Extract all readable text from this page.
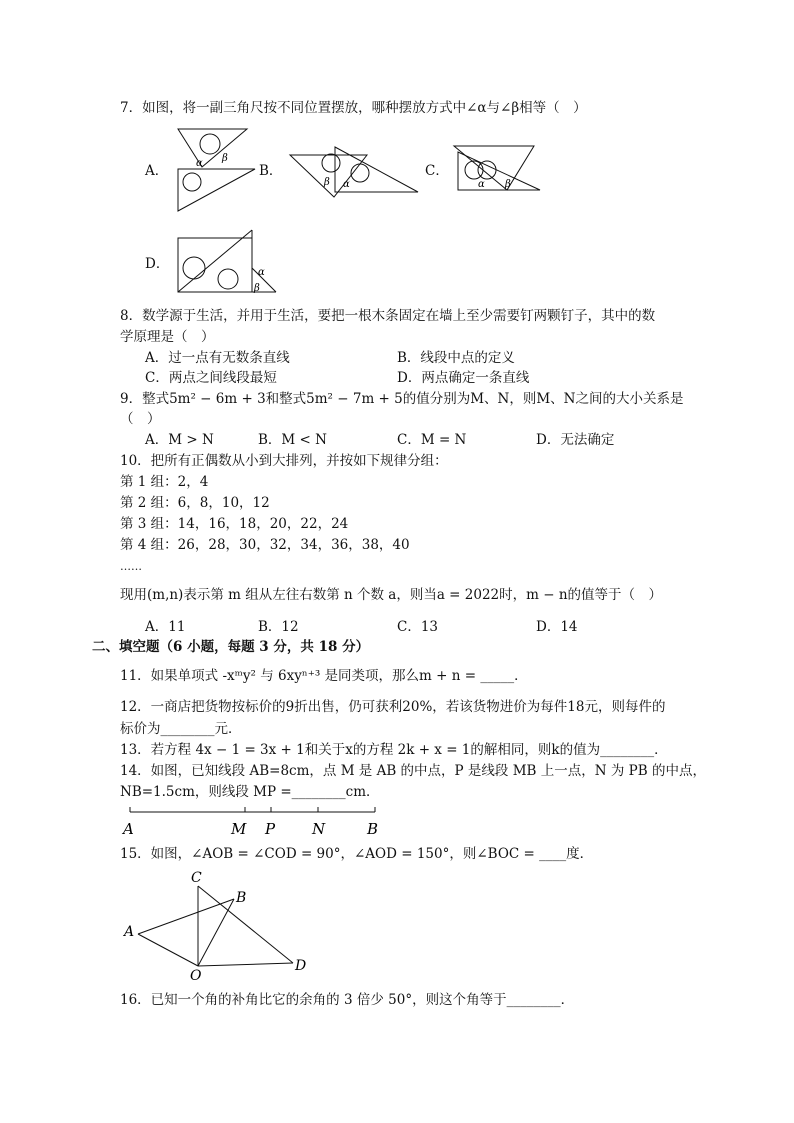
7．如图，将一副三角尺按不同位置摆放，哪种摆放方式中∠α与∠β相等（　）
A．	α β
B．
β α
C．
α β
D．
α
β
8．数学源于生活，并用于生活，要把一根木条固定在墙上至少需要钉两颗钉子，其中的数
学原理是（　）
A．过一点有无数条直线	B．线段中点的定义
C．两点之间线段最短	D．两点确定一条直线
9．整式5m² − 6m + 3和整式5m² − 7m + 5的值分别为M、N，则M、N之间的大小关系是
（　）
A．M > N	B．M < N	C．M = N	D．无法确定
10．把所有正偶数从小到大排列，并按如下规律分组：
第 1 组：2，4
第 2 组：6，8，10，12
第 3 组：14，16，18，20，22，24
第 4 组：26，28，30，32，34，36，38，40
……
现用(m,n)表示第 m 组从左往右数第 n 个数 a，则当a = 2022时，m − n的值等于（　）
A．11	B．12	C．13	D．14
二、填空题（6 小题，每题 3 分，共 18 分）
11．如果单项式 -xᵐy² 与 6xyⁿ⁺³ 是同类项，那么m + n = _____．
12．一商店把货物按标价的9折出售，仍可获利20%，若该货物进价为每件18元，则每件的
标价为________元．
13．若方程 4x − 1 = 3x + 1和关于x的方程 2k + x = 1的解相同，则k的值为________．
14．如图，已知线段 AB=8cm，点 M 是 AB 的中点，P 是线段 MB 上一点，N 为 PB 的中点，
NB=1.5cm，则线段 MP =________cm．
A	M P N	B
15．如图，∠AOB = ∠COD = 90°，∠AOD = 150°，则∠BOC = ____度．
C
B
A
O
D
16．已知一个角的补角比它的余角的 3 倍少 50°，则这个角等于________．
